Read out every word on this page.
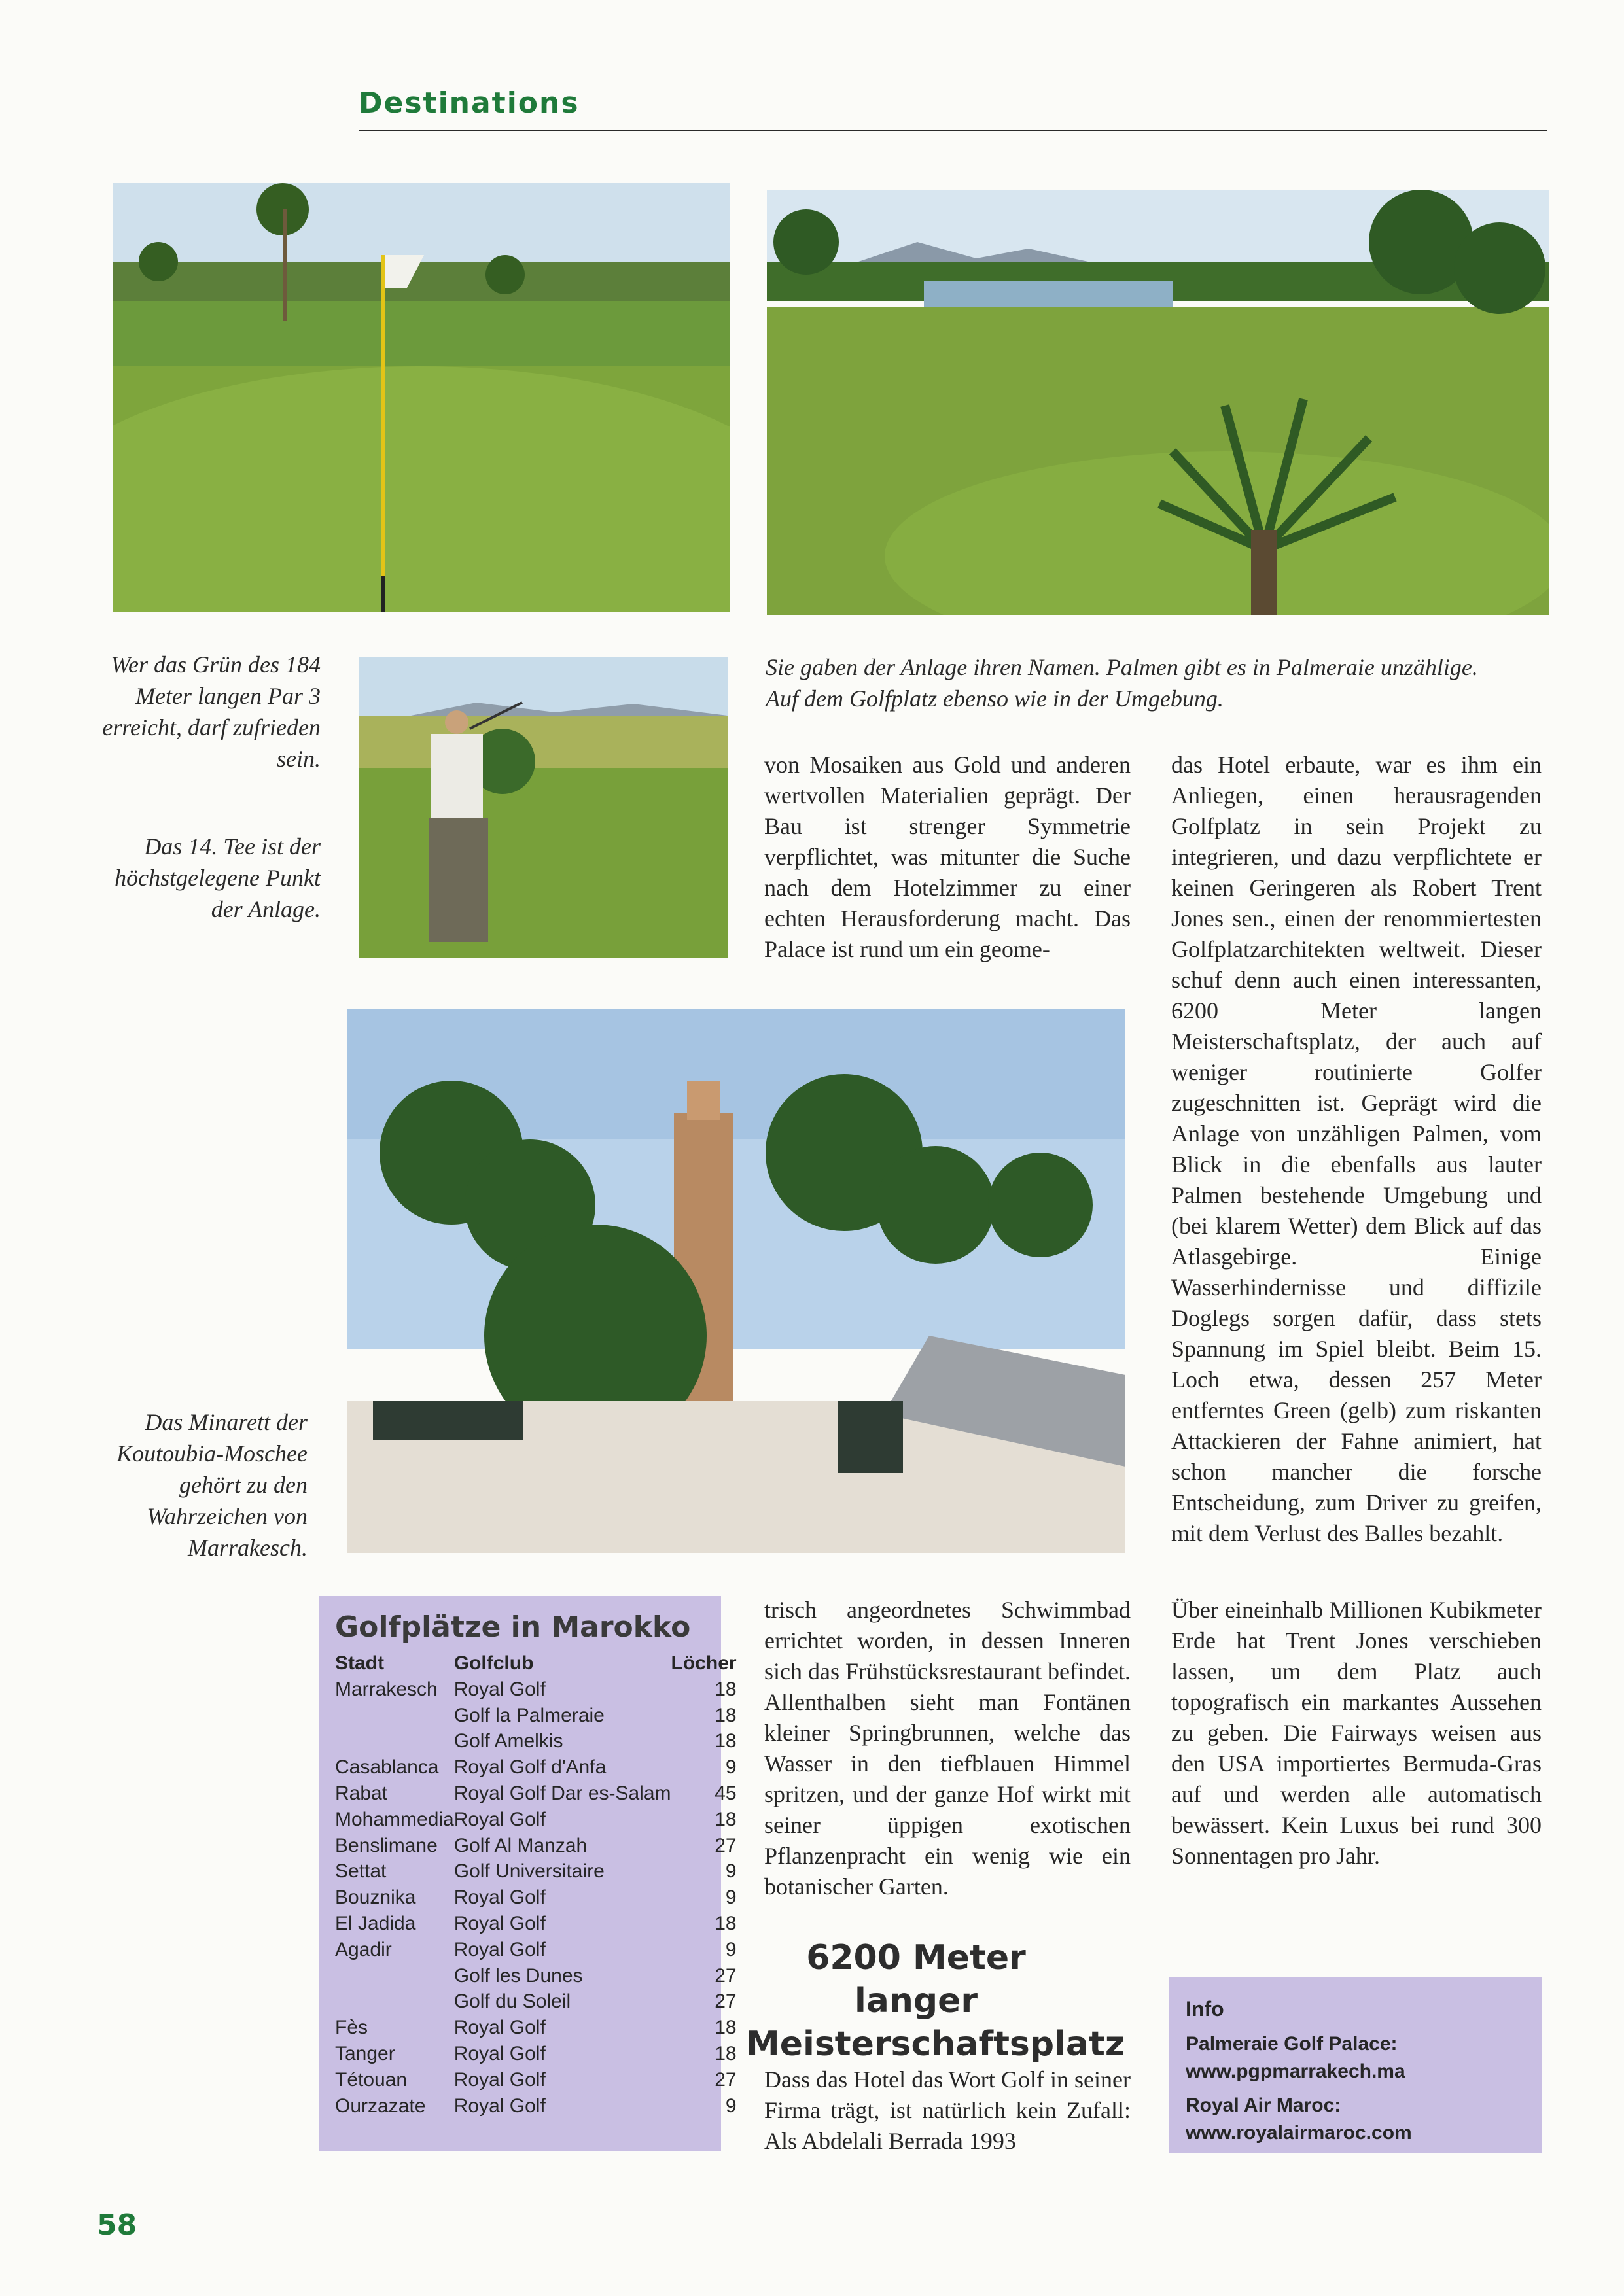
Destinations
Wer das Grün des 184 Meter langen Par 3 erreicht, darf zufrieden sein.
Das 14. Tee ist der höchstgelegene Punkt der Anlage.
Sie gaben der Anlage ihren Namen. Palmen gibt es in Palmeraie unzählige. Auf dem Golfplatz ebenso wie in der Umgebung.

von Mosaiken aus Gold und anderen wertvollen Materialien geprägt. Der Bau ist strenger Symmetrie verpflichtet, was mitunter die Suche nach dem Hotelzimmer zu einer echten Herausforderung macht. Das Palace ist rund um ein geome-

das Hotel erbaute, war es ihm ein Anliegen, einen herausragenden Golfplatz in sein Projekt zu integrieren, und dazu verpflichtete er keinen Geringeren als Robert Trent Jones sen., einen der renommiertesten Golfplatzarchitekten weltweit. Dieser schuf denn auch einen interessanten, 6200 Meter langen Meisterschaftsplatz, der auch auf weniger routinierte Golfer zugeschnitten ist. Geprägt wird die Anlage von unzähligen Palmen, vom Blick in die ebenfalls aus lauter Palmen bestehende Umgebung und (bei klarem Wetter) dem Blick auf das Atlasgebirge. Einige Wasserhindernisse und diffizile Doglegs sorgen dafür, dass stets Spannung im Spiel bleibt. Beim 15. Loch etwa, dessen 257 Meter entferntes Green (gelb) zum riskanten Attackieren der Fahne animiert, hat schon mancher die forsche Entscheidung, zum Driver zu greifen, mit dem Verlust des Balles bezahlt.

Das Minarett der Koutoubia-Moschee gehört zu den Wahrzeichen von Marrakesch.
Golfplätze in Marokko
Stadt	Golfclub	Löcher
Marrakesch	Royal Golf	18
	Golf la Palmeraie	18
	Golf Amelkis	18
Casablanca	Royal Golf d'Anfa	9
Rabat	Royal Golf Dar es-Salam	45
Mohammedia	Royal Golf	18
Benslimane	Golf Al Manzah	27
Settat	Golf Universitaire	9
Bouznika	Royal Golf	9
El Jadida	Royal Golf	18
Agadir	Royal Golf	9
	Golf les Dunes	27
	Golf du Soleil	27
Fès	Royal Golf	18
Tanger	Royal Golf	18
Tétouan	Royal Golf	27
Ourzazate	Royal Golf	9

trisch angeordnetes Schwimmbad errichtet worden, in dessen Inneren sich das Frühstücksrestaurant befindet. Allenthalben sieht man Fontänen kleiner Springbrunnen, welche das Wasser in den tiefblauen Himmel spritzen, und der ganze Hof wirkt mit seiner üppigen exotischen Pflanzenpracht ein wenig wie ein botanischer Garten.

6200 Meter langer Meisterschaftsplatz

Dass das Hotel das Wort Golf in seiner Firma trägt, ist natürlich kein Zufall: Als Abdelali Berrada 1993

Über eineinhalb Millionen Kubikmeter Erde hat Trent Jones verschieben lassen, um dem Platz auch topografisch ein markantes Aussehen zu geben. Die Fairways weisen aus den USA importiertes Bermuda-Gras auf und werden alle automatisch bewässert. Kein Luxus bei rund 300 Sonnentagen pro Jahr.

Info
Palmeraie Golf Palace:
www.pgpmarrakech.ma
Royal Air Maroc:
www.royalairmaroc.com
58
